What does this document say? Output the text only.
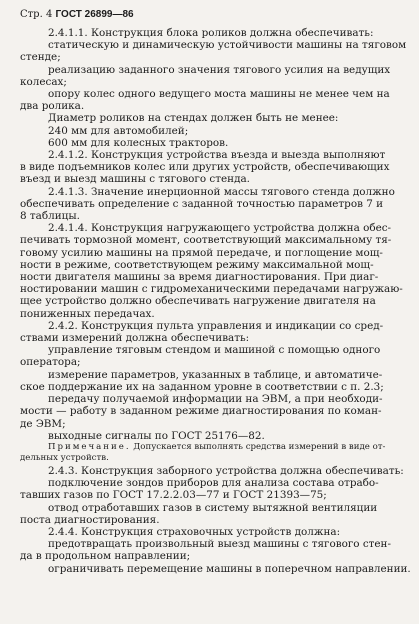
Стр. 4 ГОСТ 26899—86
2.4.1.1. Конструкция блока роликов должна обеспечивать:
статическую и динамическую устойчивости машины на тяговом
стенде;
реализацию заданного значения тягового усилия на ведущих
колесах;
опору колес одного ведущего моста машины не менее чем на
два ролика.
Диаметр роликов на стендах должен быть не менее:
240 мм для автомобилей;
600 мм для колесных тракторов.
2.4.1.2. Конструкция устройства въезда и выезда выполняют
в виде подъемников колес или других устройств, обеспечивающих
въезд и выезд машины с тягового стенда.
2.4.1.3. Значение инерционной массы тягового стенда должно
обеспечивать определение с заданной точностью параметров 7 и
8 таблицы.
2.4.1.4. Конструкция нагружающего устройства должна обес-
печивать тормозной момент, соответствующий максимальному тя-
говому усилию машины на прямой передаче, и поглощение мощ-
ности в режиме, соответствующем режиму максимальной мощ-
ности двигателя машины за время диагностирования. При диаг-
ностировании машин с гидромеханическими передачами нагружаю-
щее устройство должно обеспечивать нагружение двигателя на
пониженных передачах.
2.4.2. Конструкция пульта управления и индикации со сред-
ствами измерений должна обеспечивать:
управление тяговым стендом и машиной с помощью одного
оператора;
измерение параметров, указанных в таблице, и автоматиче-
ское поддержание их на заданном уровне в соответствии с п. 2.3;
передачу получаемой информации на ЭВМ, а при необходи-
мости — работу в заданном режиме диагностирования по коман-
де ЭВМ;
выходные сигналы по ГОСТ 25176—82.
Примечание. Допускается выполнять средства измерений в виде от-
дельных устройств.
2.4.3. Конструкция заборного устройства должна обеспечивать:
подключение зондов приборов для анализа состава отрабо-
тавших газов по ГОСТ 17.2.2.03—77 и ГОСТ 21393—75;
отвод отработавших газов в систему вытяжной вентиляции
поста диагностирования.
2.4.4. Конструкция страховочных устройств должна:
предотвращать произвольный выезд машины с тягового стен-
да в продольном направлении;
ограничивать перемещение машины в поперечном направлении.
